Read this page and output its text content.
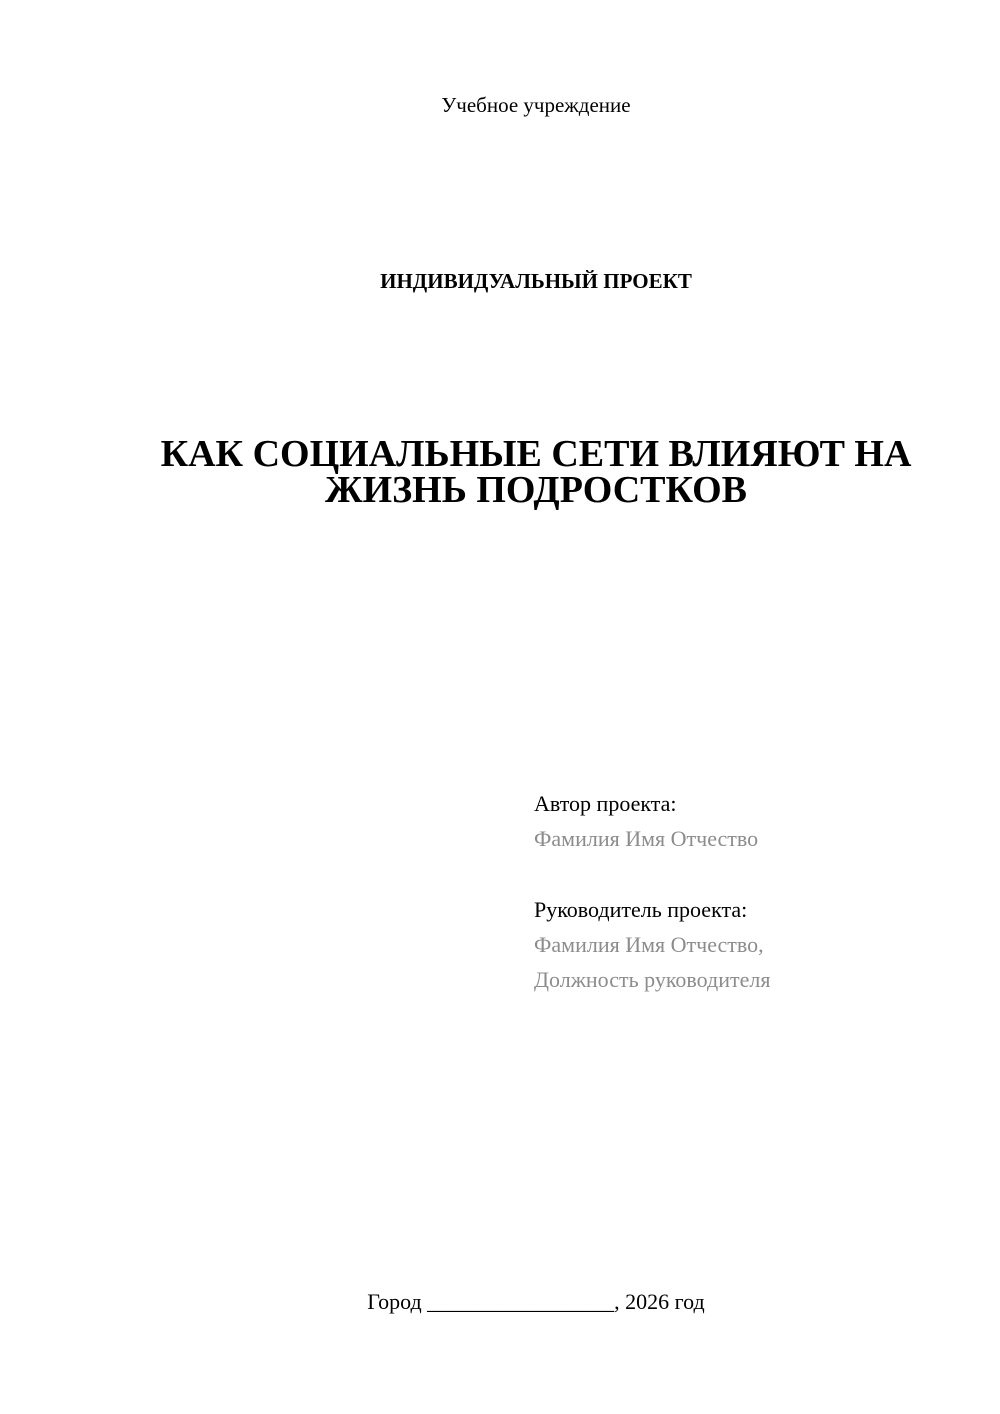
Учебное учреждение
ИНДИВИДУАЛЬНЫЙ ПРОЕКТ
КАК СОЦИАЛЬНЫЕ СЕТИ ВЛИЯЮТ НА
ЖИЗНЬ ПОДРОСТКОВ
Автор проекта:
Фамилия Имя Отчество
Руководитель проекта:
Фамилия Имя Отчество,
Должность руководителя
Город _________________, 2026 год
